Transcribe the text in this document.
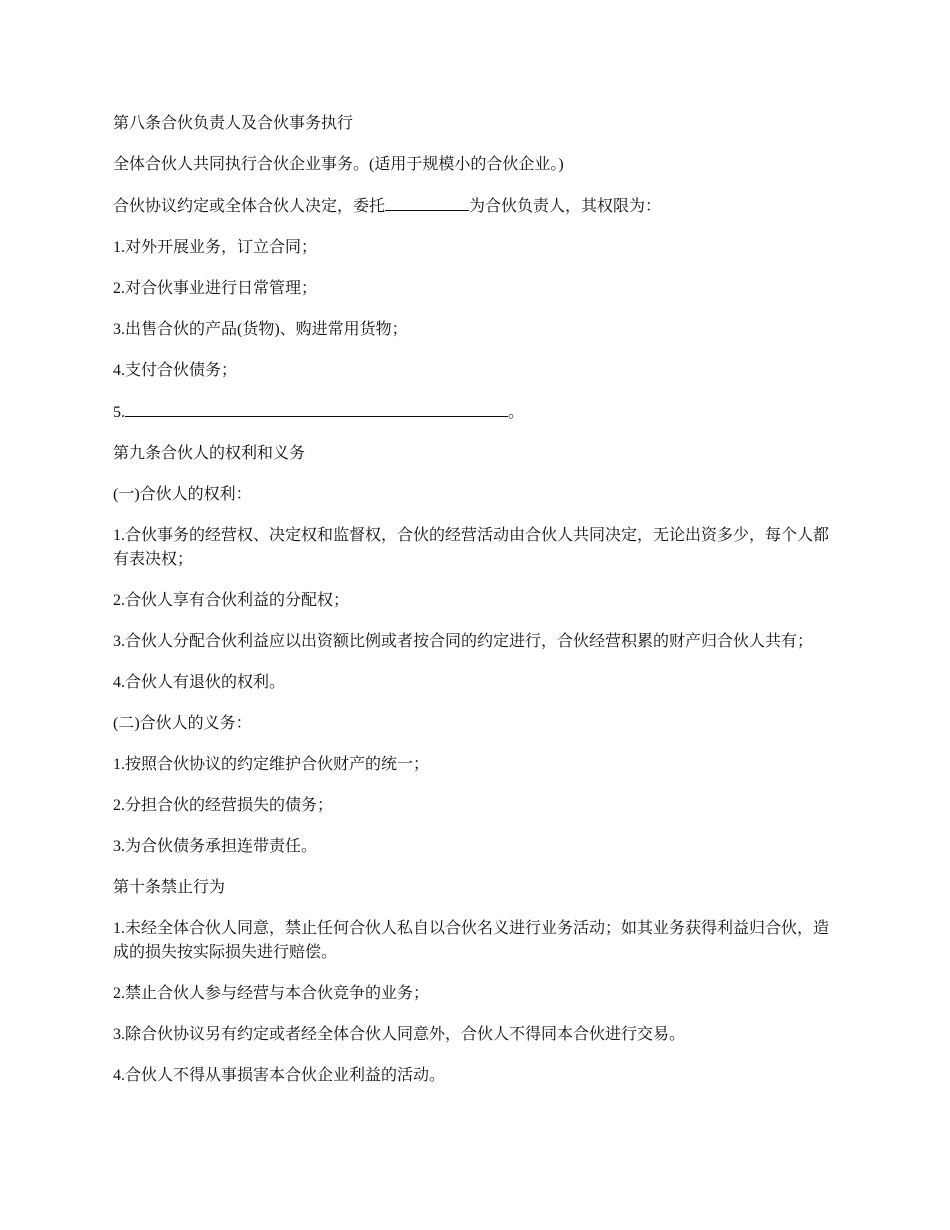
第八条合伙负责人及合伙事务执行

全体合伙人共同执行合伙企业事务。(适用于规模小的合伙企业。)

合伙协议约定或全体合伙人决定，委托	为合伙负责人，其权限为：

1.对外开展业务，订立合同；

2.对合伙事业进行日常管理；

3.出售合伙的产品(货物)、购进常用货物；

4.支付合伙债务；

5.	。

第九条合伙人的权利和义务

(一)合伙人的权利：

1.合伙事务的经营权、决定权和监督权，合伙的经营活动由合伙人共同决定，无论出资多少，每个人都有表决权；

2.合伙人享有合伙利益的分配权；

3.合伙人分配合伙利益应以出资额比例或者按合同的约定进行，合伙经营积累的财产归合伙人共有；

4.合伙人有退伙的权利。

(二)合伙人的义务：

1.按照合伙协议的约定维护合伙财产的统一；

2.分担合伙的经营损失的债务；

3.为合伙债务承担连带责任。

第十条禁止行为

1.未经全体合伙人同意，禁止任何合伙人私自以合伙名义进行业务活动；如其业务获得利益归合伙，造成的损失按实际损失进行赔偿。

2.禁止合伙人参与经营与本合伙竞争的业务；

3.除合伙协议另有约定或者经全体合伙人同意外，合伙人不得同本合伙进行交易。

4.合伙人不得从事损害本合伙企业利益的活动。
